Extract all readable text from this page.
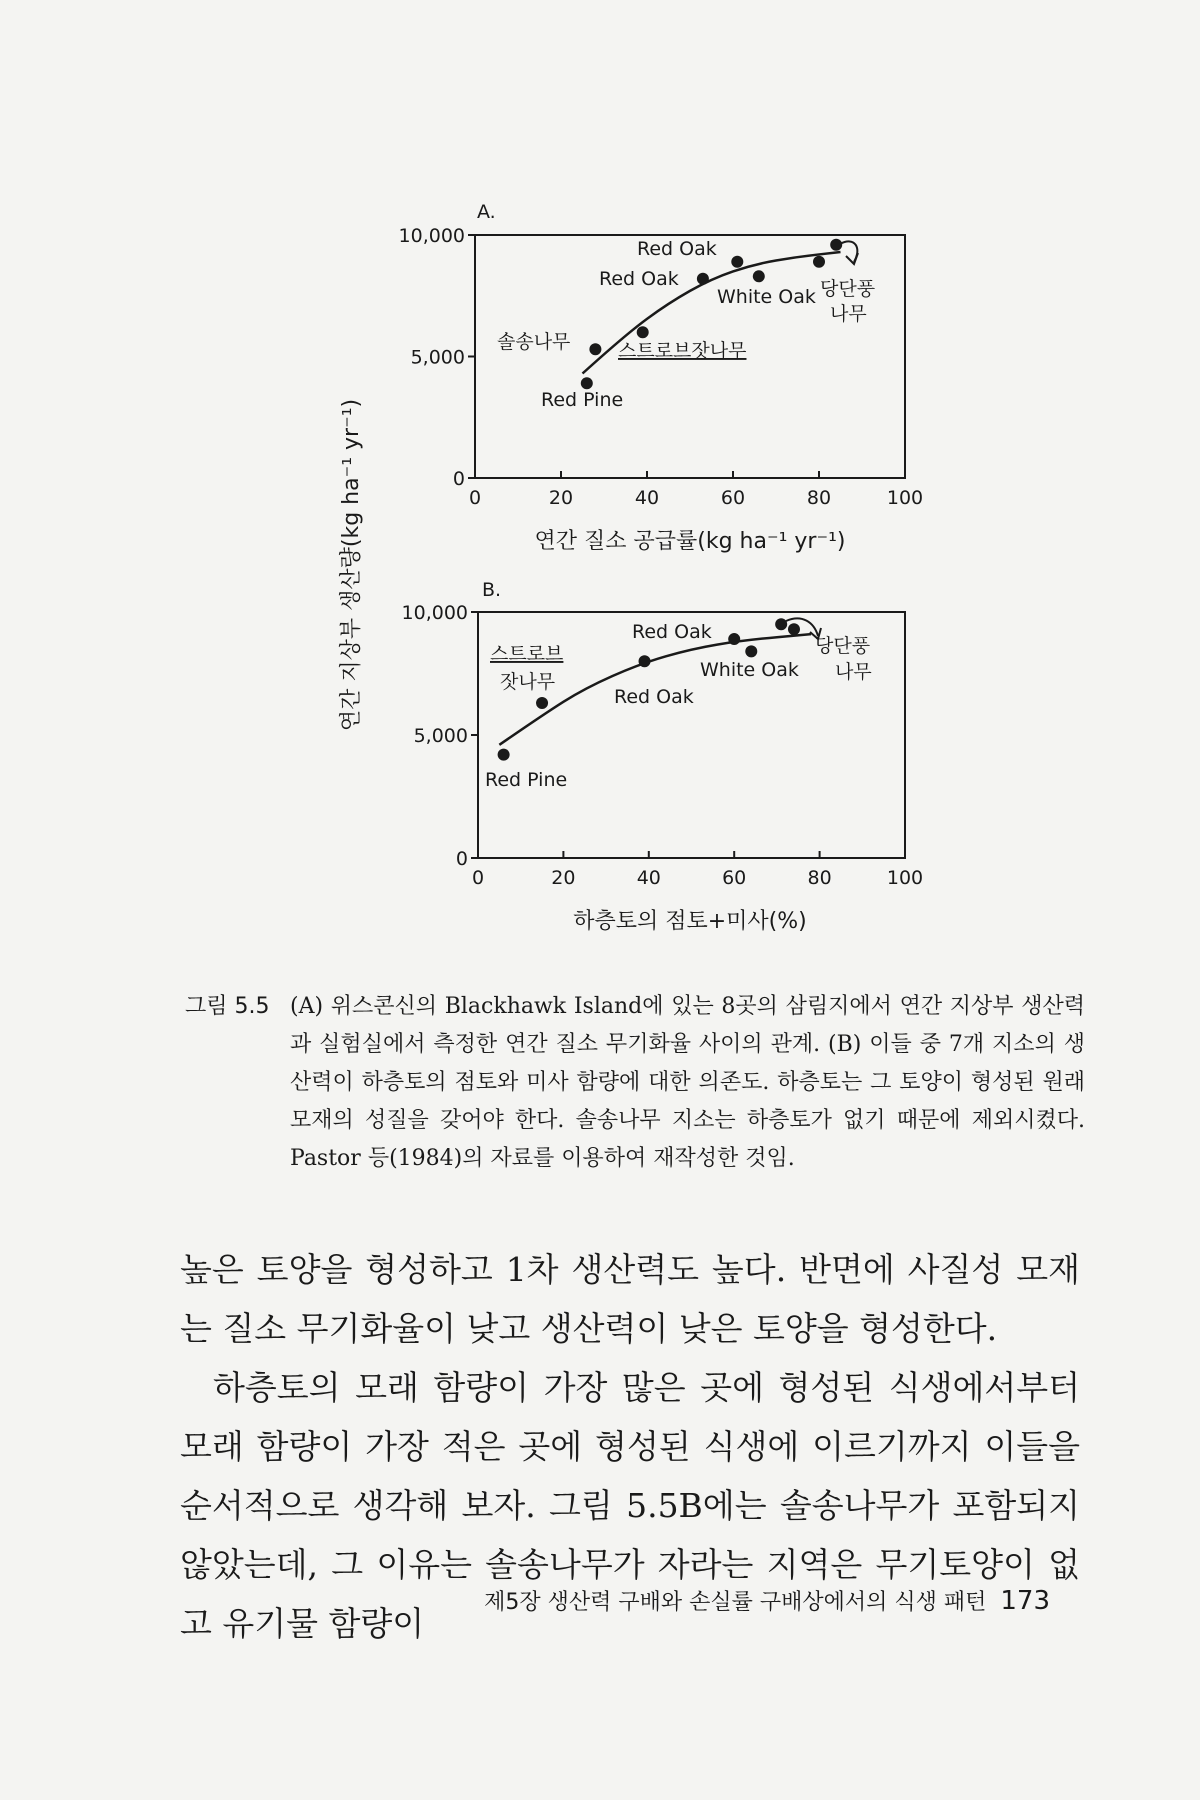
연간 지상부 생산량(kg ha⁻¹ yr⁻¹)
A.
연간 질소 공급률(kg ha⁻¹ yr⁻¹)
Red Pine
솔송나무	스트로브잣나무
Red Oak
Red Oak
White Oak 당단풍
나무
0	20	40	60	80	100
0
5,000
10,000
B.
하층토의 점토+미사(%)
Red Pine
스트로브
잣나무
Red Oak
Red Oak
White Oak
당단풍
나무
0	20	40	60	80	100
0
5,000
10,000
그림 5.5 (A) 위스콘신의 Blackhawk Island에 있는 8곳의 삼림지에서 연간 지상부 생산력과 실험실에서 측정한 연간 질소 무기화율 사이의 관계. (B) 이들 중 7개 지소의 생산력이 하층토의 점토와 미사 함량에 대한 의존도. 하층토는 그 토양이 형성된 원래 모재의 성질을 갖어야 한다. 솔송나무 지소는 하층토가 없기 때문에 제외시켰다. Pastor 등(1984)의 자료를 이용하여 재작성한 것임.

높은 토양을 형성하고 1차 생산력도 높다. 반면에 사질성 모재는 질소 무기화율이 낮고 생산력이 낮은 토양을 형성한다.

하층토의 모래 함량이 가장 많은 곳에 형성된 식생에서부터 모래 함량이 가장 적은 곳에 형성된 식생에 이르기까지 이들을 순서적으로 생각해 보자. 그림 5.5B에는 솔송나무가 포함되지 않았는데, 그 이유는 솔송나무가 자라는 지역은 무기토양이 없고 유기물 함량이

제5장 생산력 구배와 손실률 구배상에서의 식생 패턴 173
